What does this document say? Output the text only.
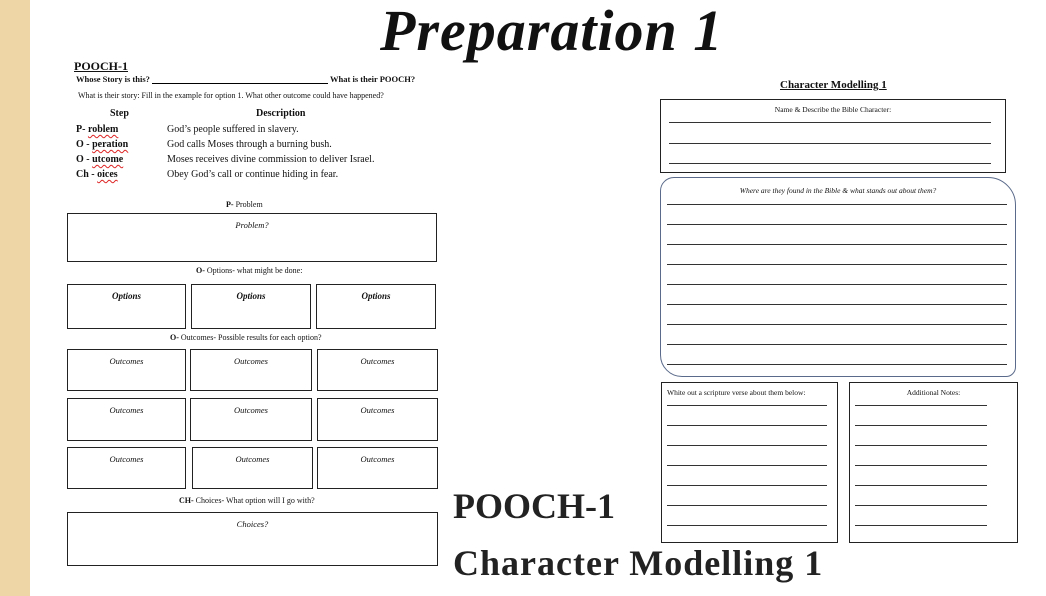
Preparation 1
POOCH-1
Whose Story is this?	What is their POOCH?
What is their story: Fill in the example for option 1. What other outcome could have happened?
Step	Description
P- roblem	God’s people suffered in slavery.
O - peration	God calls Moses through a burning bush.
O - utcome	Moses receives divine commission to deliver Israel.
Ch - oices	Obey God’s call or continue hiding in fear.
P- Problem
Problem?
O- Options- what might be done:
Options	Options	Options
O- Outcomes- Possible results for each option?
Outcomes	Outcomes	Outcomes
Outcomes	Outcomes	Outcomes
Outcomes	Outcomes	Outcomes
CH- Choices- What option will I go with?
Choices?	POOCH-1
Character Modelling 1
Character Modelling 1
Name & Describe the Bible Character:
Where are they found in the Bible & what stands out about them?
White out a scripture verse about them below:	Additional Notes:
